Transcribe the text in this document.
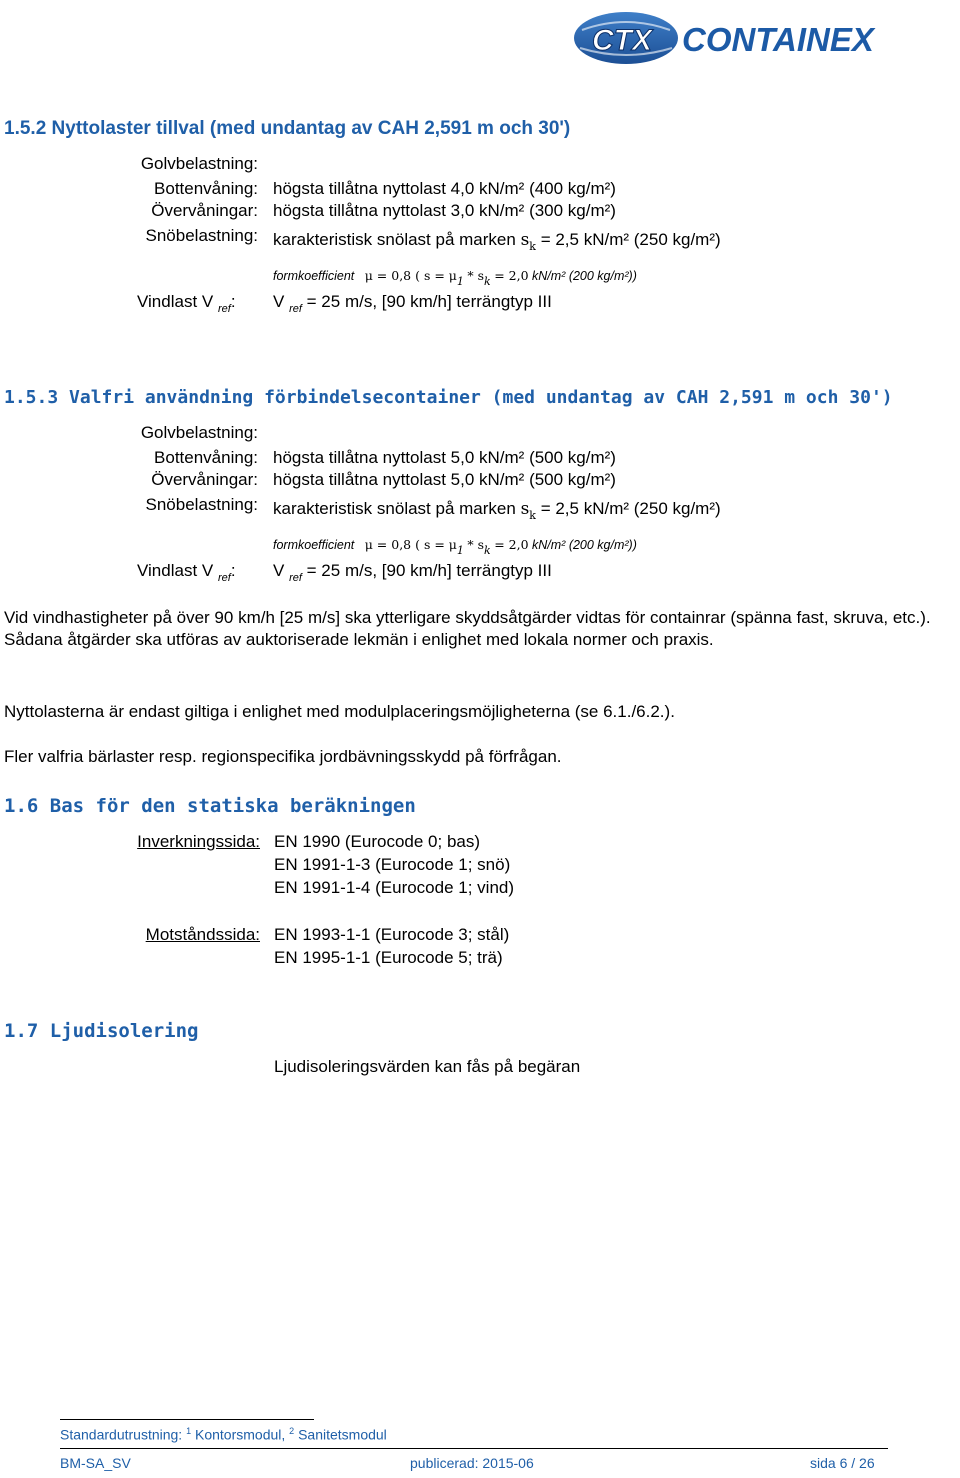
CTX CONTAINEX
1.5.2 Nyttolaster tillval (med undantag av CAH 2,591 m och 30')
Golvbelastning:
Bottenvåning: högsta tillåtna nyttolast 4,0 kN/m² (400 kg/m²)
Övervåningar: högsta tillåtna nyttolast 3,0 kN/m² (300 kg/m²)
Snöbelastning: karakteristisk snölast på marken $s_k = 2,5$ kN/m² (250 kg/m²)
formkoefficient μ = 0,8 ( s = μ1 * sk = 2,0 kN/m² (200 kg/m²))
Vindlast V $_{ref}$: V $_{ref}$ = 25 m/s, [90 km/h] terrängtyp III
1.5.3 Valfri användning förbindelsecontainer (med undantag av CAH 2,591 m och 30')
Golvbelastning:
Bottenvåning: högsta tillåtna nyttolast 5,0 kN/m² (500 kg/m²)
Övervåningar: högsta tillåtna nyttolast 5,0 kN/m² (500 kg/m²)
Snöbelastning: karakteristisk snölast på marken $s_k = 2,5$ kN/m² (250 kg/m²)
formkoefficient μ = 0,8 ( s = μ1 * sk = 2,0 kN/m² (200 kg/m²))
Vindlast V $_{ref}$: V $_{ref}$ = 25 m/s, [90 km/h] terrängtyp III
Vid vindhastigheter på över 90 km/h [25 m/s] ska ytterligare skyddsåtgärder vidtas för containrar (spänna fast, skruva, etc.). Sådana åtgärder ska utföras av auktoriserade lekmän i enlighet med lokala normer och praxis.
Nyttolasterna är endast giltiga i enlighet med modulplaceringsmöjligheterna (se 6.1./6.2.).
Fler valfria bärlaster resp. regionspecifika jordbävningsskydd på förfrågan.
1.6 Bas för den statiska beräkningen
Inverkningssida: EN 1990 (Eurocode 0; bas)
EN 1991-1-3 (Eurocode 1; snö)
EN 1991-1-4 (Eurocode 1; vind)
Motståndssida: EN 1993-1-1 (Eurocode 3; stål)
EN 1995-1-1 (Eurocode 5; trä)
1.7 Ljudisolering
Ljudisoleringsvärden kan fås på begäran
Standardutrustning: $^1$ Kontorsmodul, $^2$ Sanitetsmodul
BM-SA_SV	publicerad: 2015-06	sida 6 / 26
